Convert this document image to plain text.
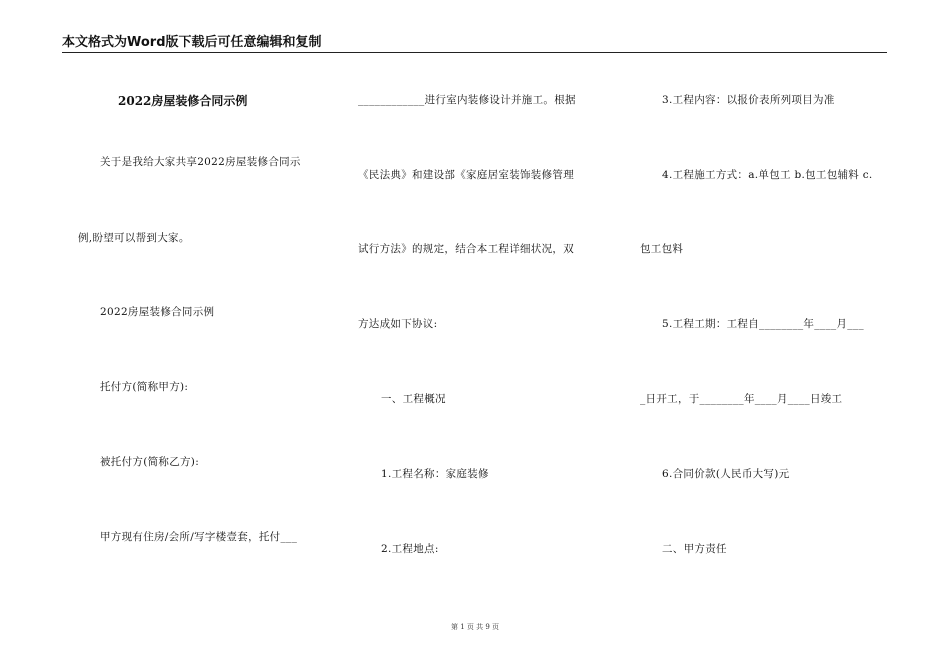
本文格式为Word版下载后可任意编辑和复制
2022房屋装修合同示例
关于是我给大家共享2022房屋装修合同示
例,盼望可以帮到大家。
2022房屋装修合同示例
托付方(简称甲方):
被托付方(简称乙方):
甲方现有住房/会所/写字楼壹套，托付___
____________进行室内装修设计并施工。根据
《民法典》和建设部《家庭居室装饰装修管理
试行方法》的规定，结合本工程详细状况，双
方达成如下协议:
一、工程概况
1.工程名称：家庭装修
2.工程地点:
3.工程内容：以报价表所列项目为准
4.工程施工方式：a.单包工 b.包工包辅料 c.
包工包料
5.工程工期：工程自________年____月___
_日开工，于________年____月____日竣工
6.合同价款(人民币大写)元
二、甲方责任
第 1 页 共 9 页
